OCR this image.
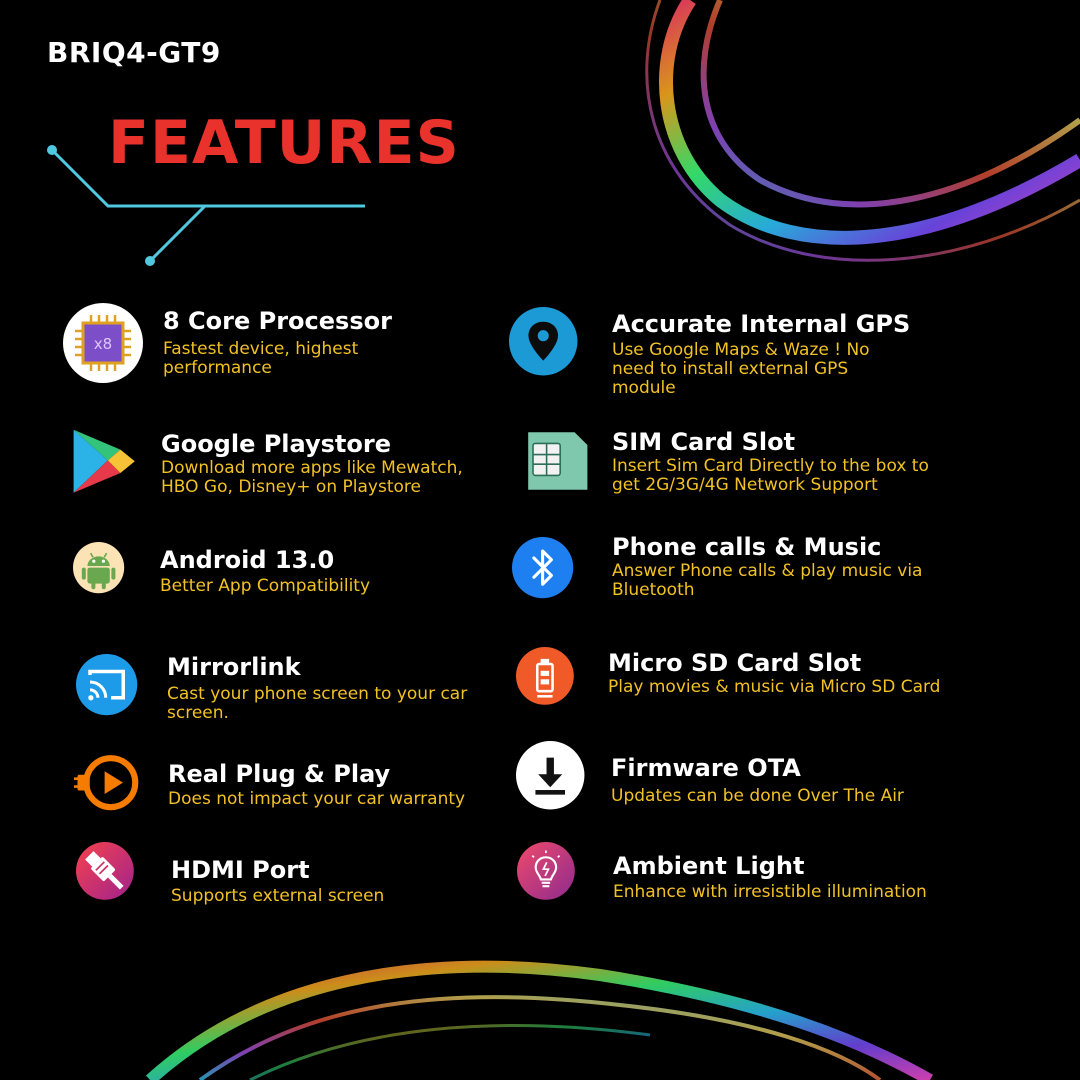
BRIQ4-GT9
FEATURES
x8
8 Core Processor
Fastest device, highest performance
Accurate Internal GPS
Use Google Maps & Waze ! No need to install external GPS module
Google Playstore
Download more apps like Mewatch, HBO Go, Disney+ on Playstore
SIM Card Slot
Insert Sim Card Directly to the box to get 2G/3G/4G Network Support
Android 13.0
Better App Compatibility
Phone calls & Music
Answer Phone calls & play music via Bluetooth
Mirrorlink
Cast your phone screen to your car screen.
Micro SD Card Slot
Play movies & music via Micro SD Card
Real Plug & Play
Does not impact your car warranty
Firmware OTA
Updates can be done Over The Air
HDMI Port
Supports external screen
Ambient Light
Enhance with irresistible illumination
